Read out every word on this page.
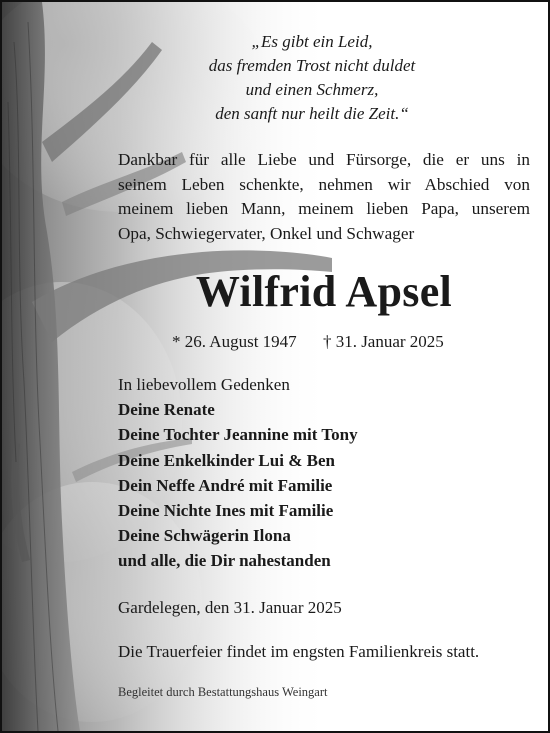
„Es gibt ein Leid,
das fremden Trost nicht duldet
und einen Schmerz,
den sanft nur heilt die Zeit.“
Dankbar für alle Liebe und Fürsorge, die er uns in
seinem Leben schenkte, nehmen wir Abschied von
meinem lieben Mann, meinem lieben Papa, unserem
Opa, Schwiegervater, Onkel und Schwager
Wilfrid Apsel
* 26. August 1947 † 31. Januar 2025
In liebevollem Gedenken
Deine Renate
Deine Tochter Jeannine mit Tony
Deine Enkelkinder Lui & Ben
Dein Neffe André mit Familie
Deine Nichte Ines mit Familie
Deine Schwägerin Ilona
und alle, die Dir nahestanden
Gardelegen, den 31. Januar 2025
Die Trauerfeier findet im engsten Familienkreis statt.
Begleitet durch Bestattungshaus Weingart
